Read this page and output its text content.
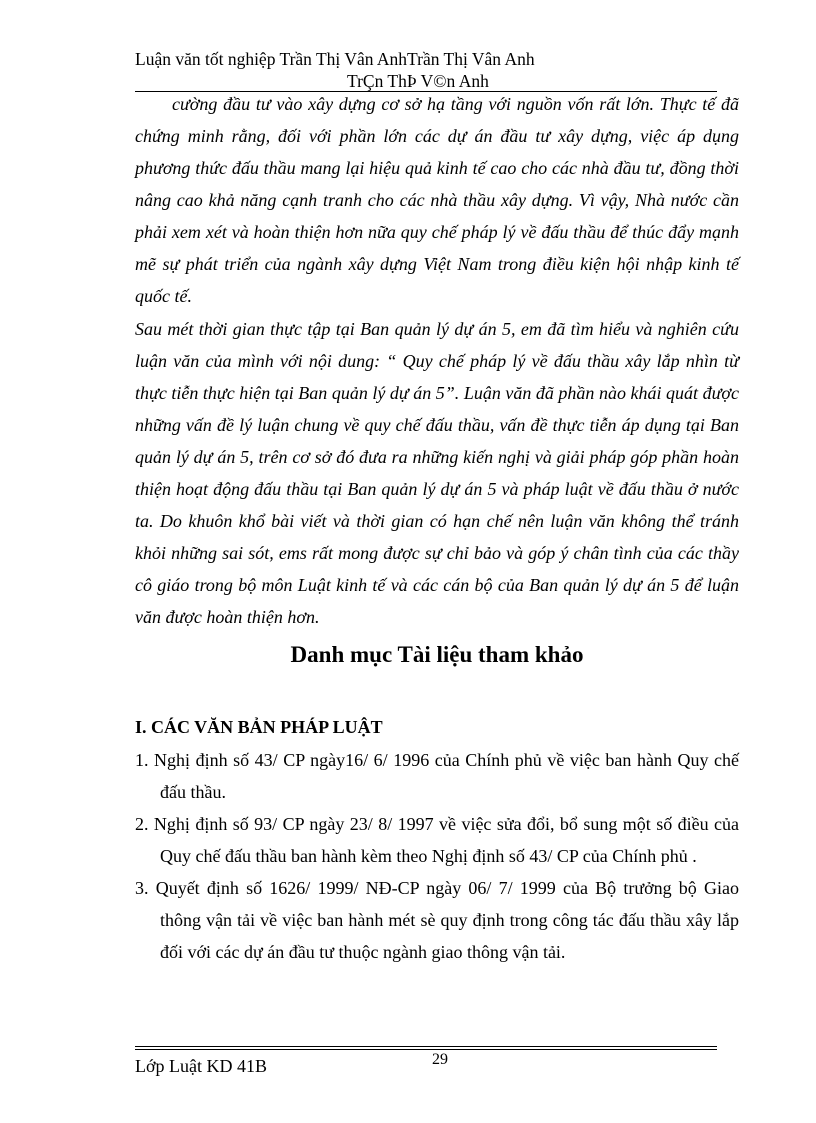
Luận văn tốt nghiệp Trần Thị Vân AnhTrần Thị Vân Anh
TrÇn ThÞ V©n Anh

cường đầu tư vào xây dựng cơ sở hạ tầng với nguồn vốn rất lớn. Thực tế đã chứng minh rằng, đối với phần lớn các dự án đầu tư xây dựng, việc áp dụng phương thức đấu thầu mang lại hiệu quả kinh tế cao cho các nhà đầu tư, đồng thời nâng cao khả năng cạnh tranh cho các nhà thầu xây dựng. Vì vậy, Nhà nước cần phải xem xét và hoàn thiện hơn nữa quy chế pháp lý về đấu thầu để thúc đẩy mạnh mẽ sự phát triển của ngành xây dựng Việt Nam trong điều kiện hội nhập kinh tế quốc tế.

Sau mét thời gian thực tập tại Ban quản lý dự án 5, em đã tìm hiểu và nghiên cứu luận văn của mình với nội dung: “ Quy chế pháp lý về đấu thầu xây lắp nhìn từ thực tiễn thực hiện tại Ban quản lý dự án 5”. Luận văn đã phần nào khái quát được những vấn đề lý luận chung về quy chế đấu thầu, vấn đề thực tiễn áp dụng tại Ban quản lý dự án 5, trên cơ sở đó đưa ra những kiến nghị và giải pháp góp phần hoàn thiện hoạt động đấu thầu tại Ban quản lý dự án 5 và pháp luật về đấu thầu ở nước ta. Do khuôn khổ bài viết và thời gian có hạn chế nên luận văn không thể tránh khỏi những sai sót, ems rất mong được sự chỉ bảo và góp ý chân tình của các thầy cô giáo trong bộ môn Luật kinh tế và các cán bộ của Ban quản lý dự án 5 để luận văn được hoàn thiện hơn.

Danh mục Tài liệu tham khảo
I. CÁC VĂN BẢN PHÁP LUẬT
1. Nghị định số 43/ CP ngày16/ 6/ 1996 của Chính phủ về việc ban hành Quy chế đấu thầu.
2. Nghị định số 93/ CP ngày 23/ 8/ 1997 về việc sửa đổi, bổ sung một số điều của Quy chế đấu thầu ban hành kèm theo Nghị định số 43/ CP của Chính phủ .
3. Quyết định số 1626/ 1999/ NĐ-CP ngày 06/ 7/ 1999 của Bộ trưởng bộ Giao thông vận tải về việc ban hành mét sè quy định trong công tác đấu thầu xây lắp đối với các dự án đầu tư thuộc ngành giao thông vận tải.
29
Lớp Luật KD 41B
